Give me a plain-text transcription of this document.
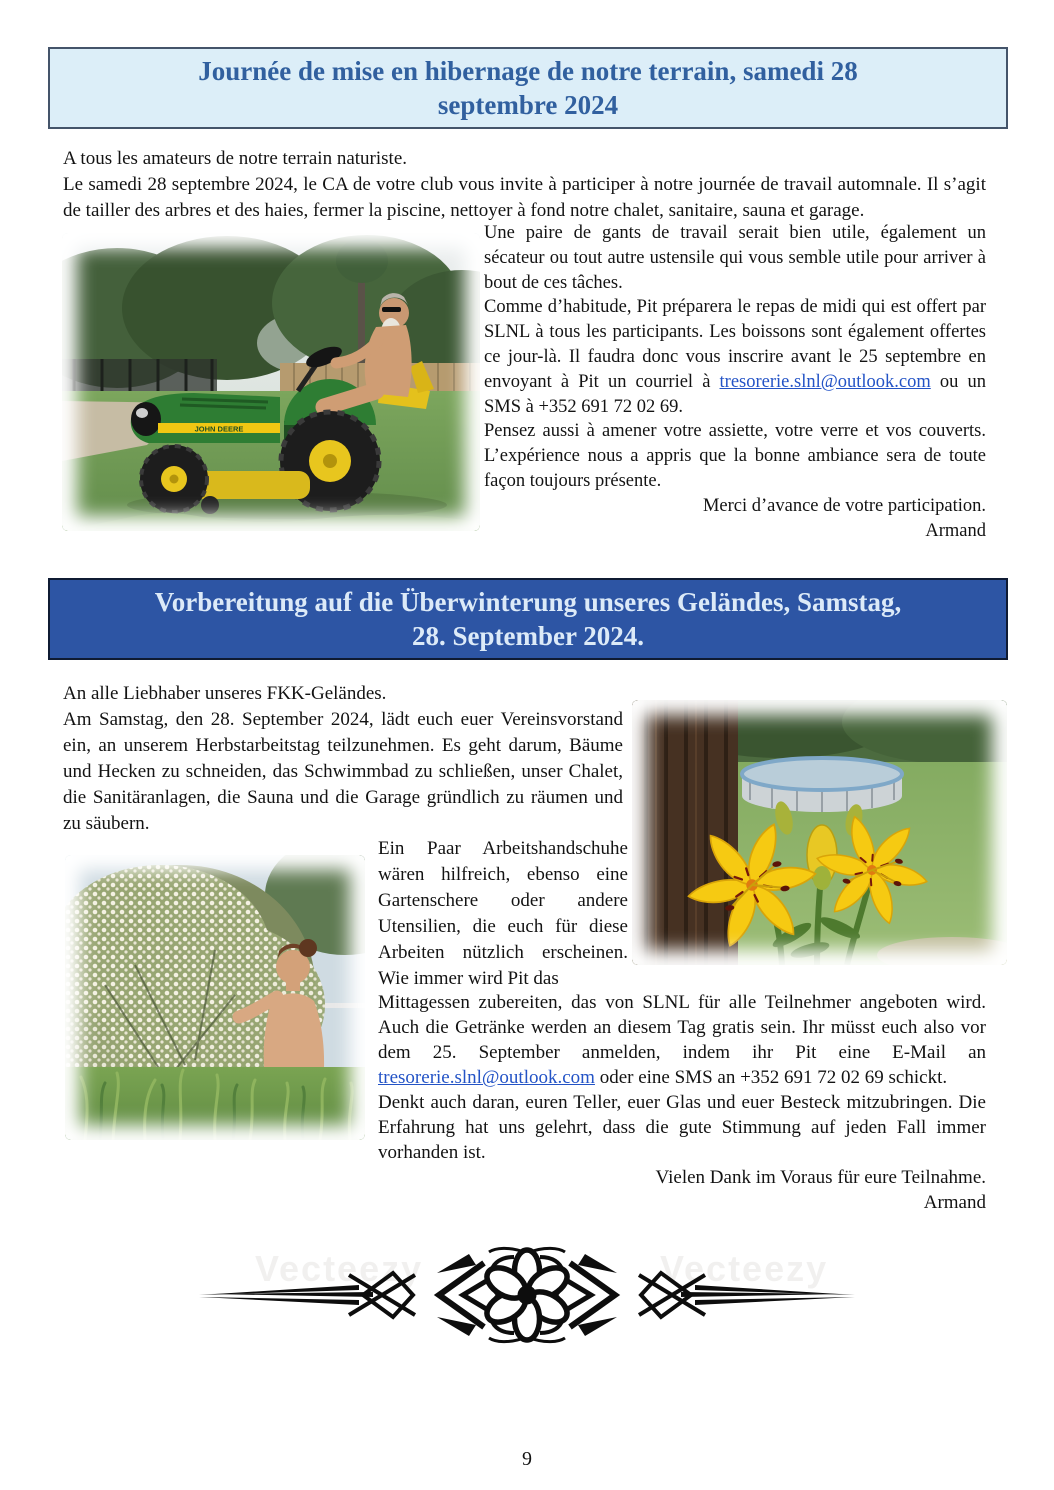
Journée de mise en hibernage de notre terrain, samedi 28
septembre 2024

A tous les amateurs de notre terrain naturiste.

Le samedi 28 septembre 2024, le CA de votre club vous invite à participer à notre journée de travail automnale. Il s’agit de tailler des arbres et des haies, fermer la piscine, nettoyer à fond notre chalet, sanitaire, sauna et garage.

JOHN DEERE

Une paire de gants de travail serait bien utile, également un sécateur ou tout autre ustensile qui vous semble utile pour arriver à bout de ces tâches.

Comme d’habitude, Pit préparera le repas de midi qui est offert par SLNL à tous les participants. Les boissons sont également offertes ce jour-là. Il faudra donc vous inscrire avant le 25 septembre en envoyant à Pit un courriel à tresorerie.slnl@outlook.com ou un SMS à +352 691 72 02 69.

Pensez aussi à amener votre assiette, votre verre et vos couverts. L’expérience nous a appris que la bonne ambiance sera de toute façon toujours présente.

Merci d’avance de votre participation.

Armand

Vorbereitung auf die Überwinterung unseres Geländes, Samstag,
28. September 2024.

An alle Liebhaber unseres FKK-Geländes.

Am Samstag, den 28. September 2024, lädt euch euer Vereinsvorstand ein, an unserem Herbstarbeitstag teilzunehmen. Es geht darum, Bäume und Hecken zu schneiden, das Schwimmbad zu schließen, unser Chalet, die Sanitäranlagen, die Sauna und die Garage gründlich zu räumen und zu säubern.

Ein Paar Arbeitshandschuhe wären hilfreich, ebenso eine Gartenschere oder andere Utensilien, die euch für diese Arbeiten nützlich erscheinen. Wie immer wird Pit das

Mittagessen zubereiten, das von SLNL für alle Teilnehmer angeboten wird. Auch die Getränke werden an diesem Tag gratis sein. Ihr müsst euch also vor dem 25. September anmelden, indem ihr Pit eine E-Mail an tresorerie.slnl@outlook.com oder eine SMS an +352 691 72 02 69 schickt.

Denkt auch daran, euren Teller, euer Glas und euer Besteck mitzubringen. Die Erfahrung hat uns gelehrt, dass die gute Stimmung auf jeden Fall immer vorhanden ist.

Vielen Dank im Voraus für eure Teilnahme.

Armand

Vecteezy	Vecteezy
9
